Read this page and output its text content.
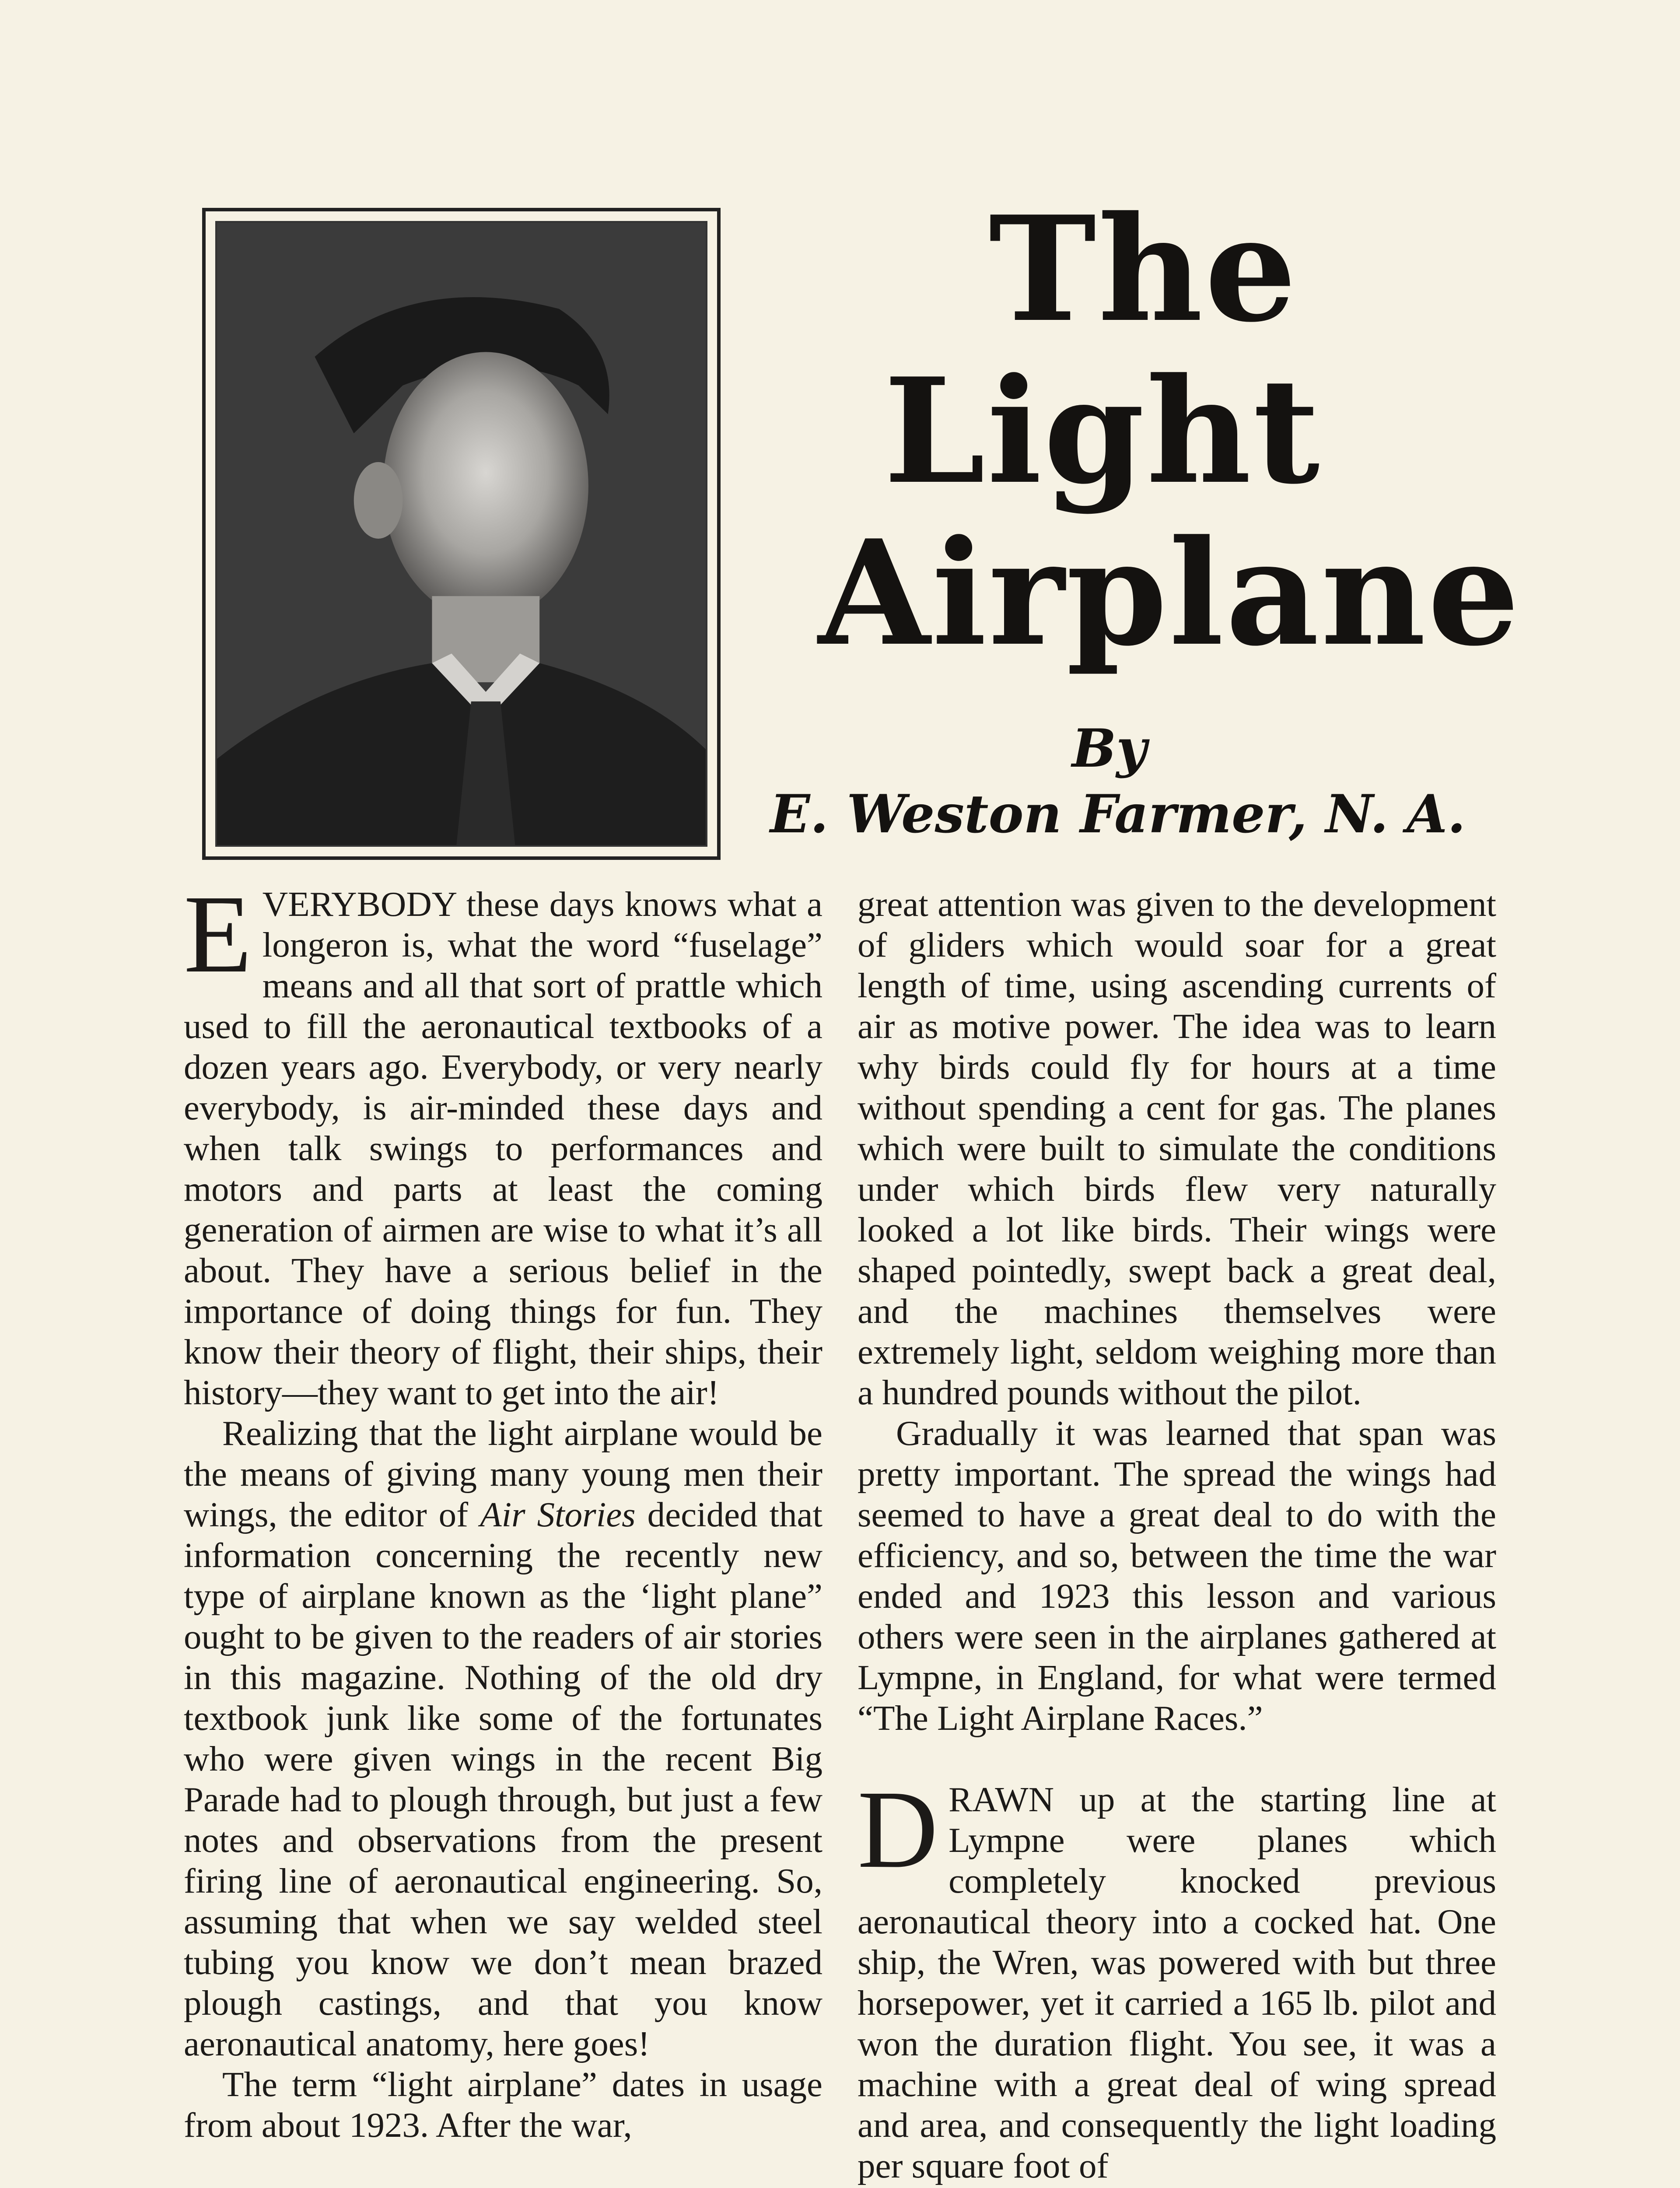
The
Light
Airplane
By
E. Weston Farmer, N. A.

EVERYBODY these days knows what a longeron is, what the word “fuselage” means and all that sort of prattle which used to fill the aeronautical textbooks of a dozen years ago. Everybody, or very nearly everybody, is air-minded these days and when talk swings to performances and motors and parts at least the coming generation of airmen are wise to what it’s all about. They have a serious belief in the importance of doing things for fun. They know their theory of flight, their ships, their history—they want to get into the air!

Realizing that the light airplane would be the means of giving many young men their wings, the editor of Air Stories decided that information concerning the recently new type of airplane known as the ‘light plane” ought to be given to the readers of air stories in this magazine. Nothing of the old dry textbook junk like some of the fortunates who were given wings in the recent Big Parade had to plough through, but just a few notes and observations from the present firing line of aeronautical engineering. So, assuming that when we say welded steel tubing you know we don’t mean brazed plough castings, and that you know aeronautical anatomy, here goes!

The term “light airplane” dates in usage from about 1923. After the war,

great attention was given to the development of gliders which would soar for a great length of time, using ascending currents of air as motive power. The idea was to learn why birds could fly for hours at a time without spending a cent for gas. The planes which were built to simulate the conditions under which birds flew very naturally looked a lot like birds. Their wings were shaped pointedly, swept back a great deal, and the machines themselves were extremely light, seldom weighing more than a hundred pounds without the pilot.

Gradually it was learned that span was pretty important. The spread the wings had seemed to have a great deal to do with the efficiency, and so, between the time the war ended and 1923 this lesson and various others were seen in the airplanes gathered at Lympne, in England, for what were termed “The Light Airplane Races.”

DRAWN up at the starting line at Lympne were planes which completely knocked previous aeronautical theory into a cocked hat. One ship, the Wren, was powered with but three horsepower, yet it carried a 165 lb. pilot and won the duration flight. You see, it was a machine with a great deal of wing spread and area, and consequently the light loading per square foot of
